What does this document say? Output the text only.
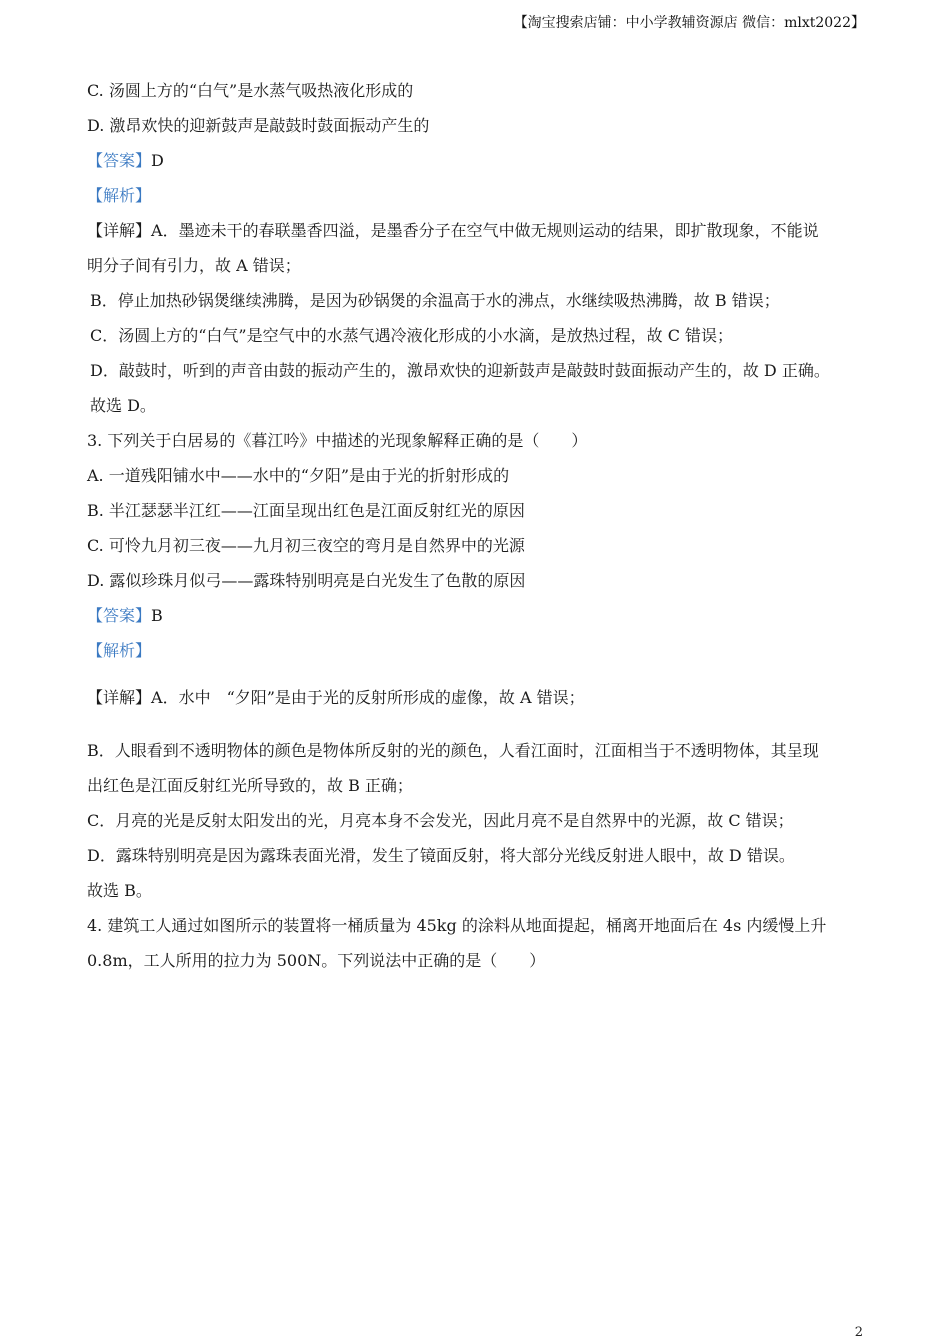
【淘宝搜索店铺：中小学教辅资源店 微信：mlxt2022】
C. 汤圆上方的“白气”是水蒸气吸热液化形成的
D. 激昂欢快的迎新鼓声是敲鼓时鼓面振动产生的
【答案】D
【解析】
【详解】A．墨迹未干的春联墨香四溢，是墨香分子在空气中做无规则运动的结果，即扩散现象，不能说
明分子间有引力，故 A 错误；
B．停止加热砂锅煲继续沸腾，是因为砂锅煲的余温高于水的沸点，水继续吸热沸腾，故 B 错误；
C．汤圆上方的“白气”是空气中的水蒸气遇冷液化形成的小水滴，是放热过程，故 C 错误；
D．敲鼓时，听到的声音由鼓的振动产生的，激昂欢快的迎新鼓声是敲鼓时鼓面振动产生的，故 D 正确。
故选 D。
3. 下列关于白居易的《暮江吟》中描述的光现象解释正确的是（　　）
A. 一道残阳铺水中——水中的“夕阳”是由于光的折射形成的
B. 半江瑟瑟半江红——江面呈现出红色是江面反射红光的原因
C. 可怜九月初三夜——九月初三夜空的弯月是自然界中的光源
D. 露似珍珠月似弓——露珠特别明亮是白光发生了色散的原因
【答案】B
【解析】
【详解】A．水中　“夕阳”是由于光的反射所形成的虚像，故 A 错误；
B．人眼看到不透明物体的颜色是物体所反射的光的颜色，人看江面时，江面相当于不透明物体，其呈现
出红色是江面反射红光所导致的，故 B 正确；
C．月亮的光是反射太阳发出的光，月亮本身不会发光，因此月亮不是自然界中的光源，故 C 错误；
D．露珠特别明亮是因为露珠表面光滑，发生了镜面反射，将大部分光线反射进人眼中，故 D 错误。
故选 B。
4. 建筑工人通过如图所示的装置将一桶质量为 45kg 的涂料从地面提起，桶离开地面后在 4s 内缓慢上升
0.8m，工人所用的拉力为 500N。下列说法中正确的是（　　）
2
